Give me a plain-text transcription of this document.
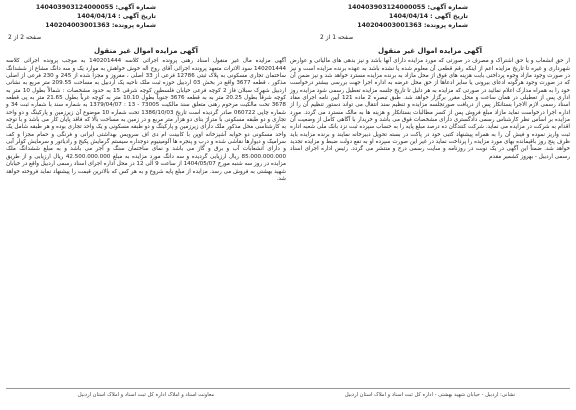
شماره آگهی: 140403903124000055
تاریخ آگهی : 1404/04/14
شماره پرونده: 140204003001363
صفحه 2 از 2
شماره آگهی: 140403903124000055
تاریخ آگهی : 1404/04/14
شماره پرونده: 140204003001363
صفحه 1 از 2
آگهی مزایده اموال غیر منقول

آگهی مزایده مال غیر منقول اسناد رهنی پرونده اجرائی کلاسه 140201444 به موجب پرونده اجرائی کلاسه 140201444 سود الاترات متعهد پرونده اجرائی آقای روح اله خوش خواهش به موارد یک و سه دانگ مشاع از ششدانگ ساختمان تجاری مسکونی به پلاک ثبتی 12786 فرعی از 33 اصلی ، مفروز و مجزا شده از 245 و 230 فرعی از اصلی مذکور ، قطعه 3677 واقع در بخش 03 اردبیل حوزه ثبت ملک ناحیه یک اردبیل به مساحت 209.55 متر مربع به نشانی اردبیل شهرک سبلان فاز 2 کوچه فرعی خیابان فلسطین کوچه شرقی 15 به حدود مشخصات : شمالاً بطول 10 متر به کوچه شرقاً بطول 20.25 متر به به قطعه 3676 جنوباً بطول 10.10 متر به کوچه غرباً بطول 21.65 متر به پی قطعه 3678 تحت مالکیت مرحوم رهنی متعلق سند مالکیت 73005 - 13 : 1379/04/07 به شماره سند با شماره ثبت 34 و شماره چاپی 060722 صادر گردیده است تاریخ 1386/10/03 تحت شماره 10 موضوع آن زیرزمین و پارکینگ و دو واحد تجاری و دو طبقه مسکونی با متراژ بنای دو هزار متر مربع و در زمین به مساحت بالا که فاقد پایان کار می باشد و با توجه به کارشناسی محل مذکور ملک دارای زیرزمین و پارکینگ و دو طبقه مسکونی و یک واحد تجاری بوده و هر طبقه شامل یک واحد مسکونی دو خوابه آشپزخانه اوپن با کابینت ام دی اف سرویس بهداشتی ایرانی و فرنگی و حمام مجزا و کف سرامیک و دیوارها نقاشی شده و درب و پنجره ها آلومینیوم دوجداره سیستم گرمایش پکیج و رادیاتور و سرمایش کولر آبی و دارای انشعابات آب و برق و گاز می باشد و نمای ساختمان سنگ و آجر می باشد و به مبلغ ششدانگ ملک 85.000.000.000 ریال ارزیابی گردیده و سه دانگ مورد مزایده به مبلغ 42.500.000.000 ریال ارزیابی و از طریق مزایده در روز سه شنبه مورخ 1404/05/07 از ساعت 9 الی 12 در محل اداره اجرای اسناد رسمی اردبیل واقع در خیابان شهید بهشتی به فروش می رسد. مزایده از مبلغ پایه شروع و به هر کس که بالاترین قیمت را پیشنهاد نماید فروخته خواهد شد.

آگهی مزایده اموال غیر منقول

ار حق انشعاب و یا حق اشتراک و مصرف در صورتی که مورد مزایده دارای آنها باشد و نیز بدهی های مالیاتی و عوارض شهرداری و غیره تا تاریخ مزایده اعم از اینکه رقم قطعی آن معلوم شده یا نشده باشد به عهده برنده مزایده است و نیز در صورت وجود مازاد وجوه پرداختی بابت هزینه های فوق از محل مازاد به برنده مزایده مسترد خواهد شد و نیز ضمن آن که در صورت وجود هرگونه ادعای بیرونی یا سایر ادعاها از حق محل عرضه به اداره اجرا جهت بررسی بیشتر درخواست خود را به همراه مدارک اعلام نمائید در صورتی که مزایده به هر دلیل تا تاریخ جلسه مزایده تعطیل رسمی شود مزایده روز اداری پس از تعطیلی در همان ساعت و محل مقرر برگزار خواهد شد. طبق تبصره 2 ماده 121 آیین نامه اجرای مفاد اسناد رسمی لازم الاجرا بستانکار پس از دریافت صورتجلسه مزایده و تنظیم سند انتقال می تواند دستور تنظیم آن را از اداره اجرا درخواست نماید مازاد مبلغ فروش پس از کسر مطالبات بستانکار و هزینه ها به مالک مسترد می گردد. مورد مزایده بر اساس نظر کارشناس رسمی دادگستری دارای مشخصات فوق می باشد و خریدار با آگاهی کامل از وضعیت آن اقدام به شرکت در مزایده می نماید. شرکت کنندگان ده درصد مبلغ پایه را به حساب سپرده ثبت نزد بانک ملی شعبه اداره ثبت واریز نموده و فیش آن را به همراه پیشنهاد کتبی خود در پاکت در بسته تحویل دبیرخانه نمایند و برنده مزایده باید ظرف پنج روز باقیمانده بهای مورد مزایده را پرداخت نماید در غیر این صورت سپرده او به نفع دولت ضبط و مزایده تجدید خواهد شد. ضمناً این آگهی در یک نوبت در روزنامه و سایت رسمی درج و منتشر می گردد. رئیس اداره اجرای اسناد رسمی اردبیل - بهروز کشمیر مقدم

معاونت اسناد و املاک اداره کل ثبت اسناد و املاک استان اردبیل	نشانی: اردبیل - خیابان شهید بهشتی - اداره کل ثبت اسناد و املاک استان اردبیل
